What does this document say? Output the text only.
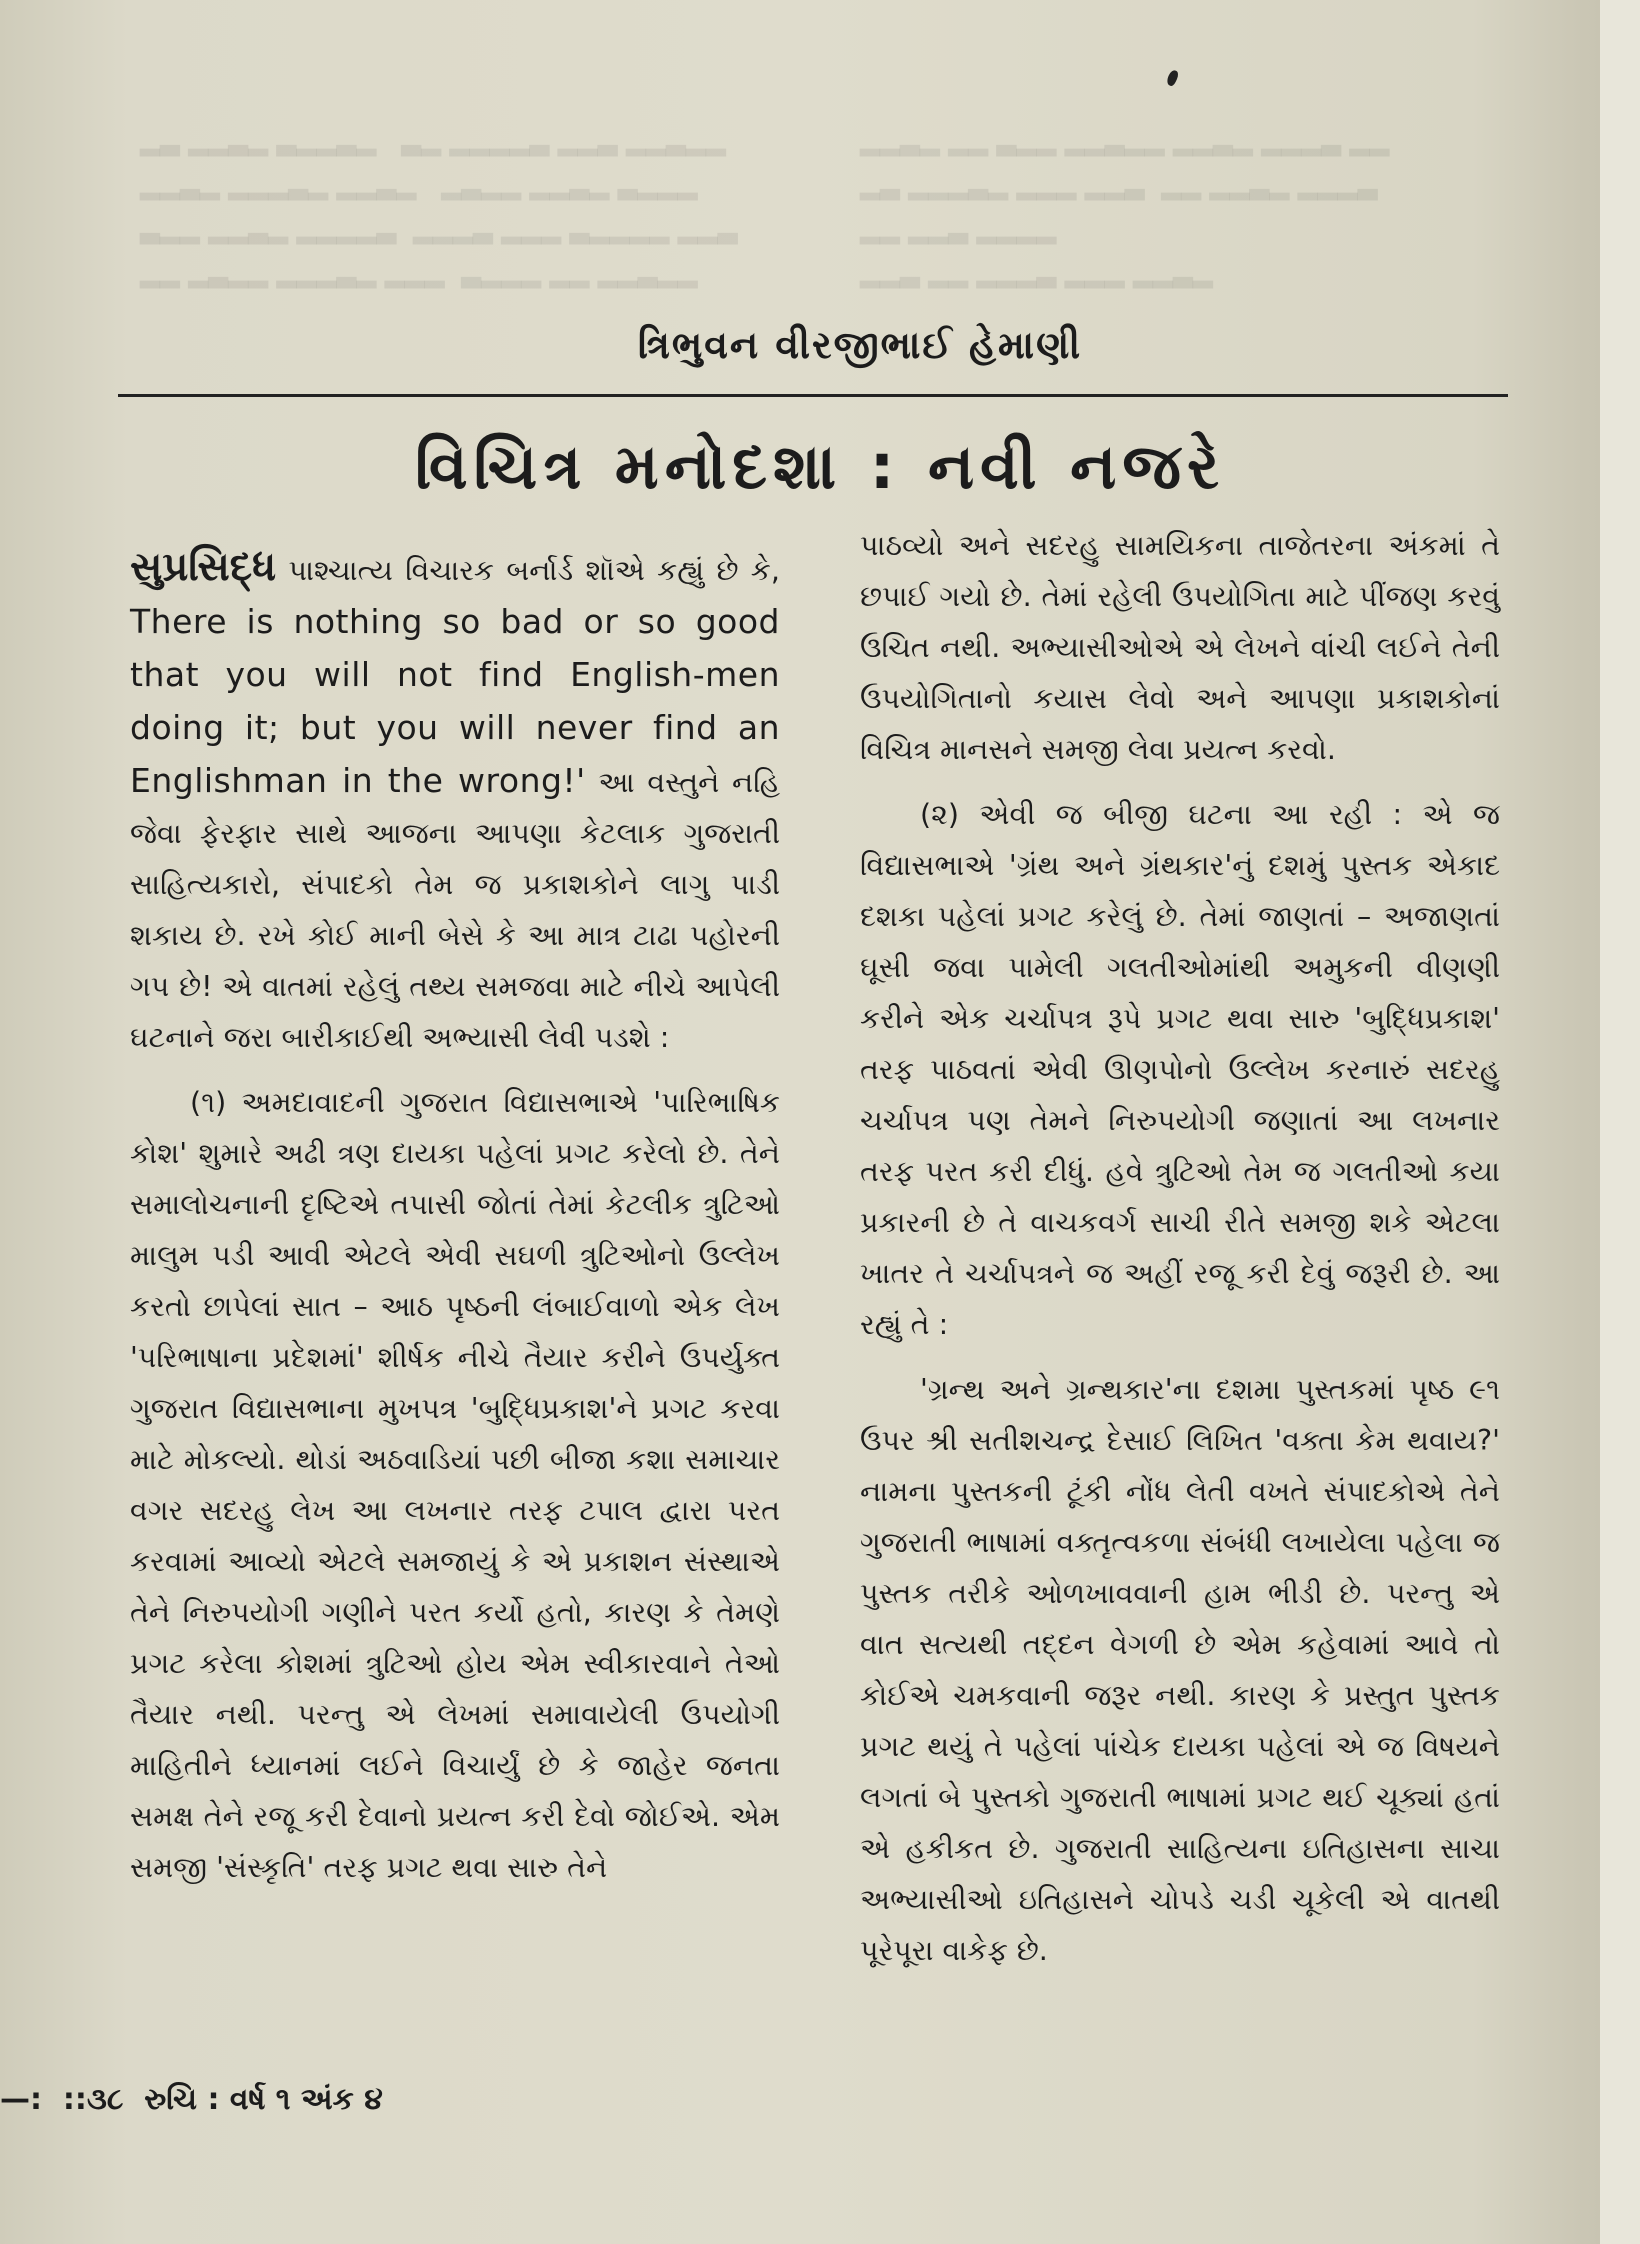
▂▃ ▂▂▃▂ ▃▂▂▃▂   ▃▂ ▂▂▂▂▃ ▂▂▃ ▂▂▃▂▂
▂▂▃▂ ▂▂▂▃▂ ▂▂▃▂   ▂▃▂▂ ▂▂▃▂ ▃▂▂▂
▃▂▂ ▂▂▃▂ ▂▂▂▂▃  ▂▂▂▃ ▂▂▂ ▃▂▂▂▂ ▂▂▃
▂▂ ▂▃▂▂ ▂▂▂▃▂ ▂▂▂  ▃▂▂▂ ▂▂ ▂▂▃▂▂
▂▂▃▂ ▂▂ ▃▂▂ ▂▂▃▂▂ ▂▂▃▂ ▂▂▂▃ ▂▂
▂▃ ▂▂▂▃▂ ▂▂▂ ▂▂▃  ▂▂ ▂▂▃▂ ▂▂▂▃
▂▂ ▂▂▃ ▂▂▂▂
▂▂▃ ▂▂ ▂▂▂▃ ▂▂▂ ▂▂▃▂
ત્રિભુવન વીરજીભાઈ હેમાણી
વિચિત્ર મનોદશા : નવી નજરે

સુપ્રસિદ્ધ પાશ્ચાત્ય વિચારક બર્નાર્ડ શૉએ કહ્યું છે કે, There is nothing so bad or so good that you will not find English-men doing it; but you will never find an Englishman in the wrong!' આ વસ્તુને નહિ જેવા ફેરફાર સાથે આજના આપણા કેટલાક ગુજરાતી સાહિત્યકારો, સંપાદકો તેમ જ પ્રકાશકોને લાગુ પાડી શકાય છે. રખે કોઈ માની બેસે કે આ માત્ર ટાઢા પહોરની ગપ છે! એ વાતમાં રહેલું તથ્ય સમજવા માટે નીચે આપેલી ઘટનાને જરા બારીકાઈથી અભ્યાસી લેવી પડશે :

(૧) અમદાવાદની ગુજરાત વિદ્યાસભાએ 'પારિભાષિક કોશ' શુમારે અઢી ત્રણ દાયકા પહેલાં પ્રગટ કરેલો છે. તેને સમાલોચનાની દૃષ્ટિએ તપાસી જોતાં તેમાં કેટલીક ત્રુટિઓ માલુમ પડી આવી એટલે એવી સઘળી ત્રુટિઓનો ઉલ્લેખ કરતો છાપેલાં સાત – આઠ પૃષ્ઠની લંબાઈવાળો એક લેખ 'પરિભાષાના પ્રદેશમાં' શીર્ષક નીચે તૈયાર કરીને ઉપર્યુક્ત ગુજરાત વિદ્યાસભાના મુખપત્ર 'બુદ્ધિપ્રકાશ'ને પ્રગટ કરવા માટે મોકલ્યો. થોડાં અઠવાડિયાં પછી બીજા કશા સમાચાર વગર સદરહુ લેખ આ લખનાર તરફ ટપાલ દ્વારા પરત કરવામાં આવ્યો એટલે સમજાયું કે એ પ્રકાશન સંસ્થાએ તેને નિરુપયોગી ગણીને પરત કર્યો હતો, કારણ કે તેમણે પ્રગટ કરેલા કોશમાં ત્રુટિઓ હોય એમ સ્વીકારવાને તેઓ તૈયાર નથી. પરન્તુ એ લેખમાં સમાવાયેલી ઉપયોગી માહિતીને ધ્યાનમાં લઈને વિચાર્યું છે કે જાહેર જનતા સમક્ષ તેને રજૂ કરી દેવાનો પ્રયત્ન કરી દેવો જોઈએ. એમ સમજી 'સંસ્કૃતિ' તરફ પ્રગટ થવા સારુ તેને

પાઠવ્યો અને સદરહુ સામયિકના તાજેતરના અંકમાં તે છપાઈ ગયો છે. તેમાં રહેલી ઉપયોગિતા માટે પીંજણ કરવું ઉચિત નથી. અભ્યાસીઓએ એ લેખને વાંચી લઈને તેની ઉપયોગિતાનો કયાસ લેવો અને આપણા પ્રકાશકોનાં વિચિત્ર માનસને સમજી લેવા પ્રયત્ન કરવો.

(૨) એવી જ બીજી ઘટના આ રહી : એ જ વિદ્યાસભાએ 'ગ્રંથ અને ગ્રંથકાર'નું દશમું પુસ્તક એકાદ દશકા પહેલાં પ્રગટ કરેલું છે. તેમાં જાણતાં – અજાણતાં ઘૂસી જવા પામેલી ગલતીઓમાંથી અમુકની વીણણી કરીને એક ચર્ચાપત્ર રૂપે પ્રગટ થવા સારુ 'બુદ્ધિપ્રકાશ' તરફ પાઠવતાં એવી ઊણપોનો ઉલ્લેખ કરનારું સદરહુ ચર્ચાપત્ર પણ તેમને નિરુપયોગી જણાતાં આ લખનાર તરફ પરત કરી દીધું. હવે ત્રુટિઓ તેમ જ ગલતીઓ કયા પ્રકારની છે તે વાચકવર્ગ સાચી રીતે સમજી શકે એટલા ખાતર તે ચર્ચાપત્રને જ અહીં રજૂ કરી દેવું જરૂરી છે. આ રહ્યું તે :

'ગ્રન્થ અને ગ્રન્થકાર'ના દશમા પુસ્તકમાં પૃષ્ઠ ૯૧ ઉપર શ્રી સતીશચન્દ્ર દેસાઈ લિખિત 'વક્તા કેમ થવાય?' નામના પુસ્તકની ટૂંકી નોંધ લેતી વખતે સંપાદકોએ તેને ગુજરાતી ભાષામાં વક્તૃત્વકળા સંબંધી લખાયેલા પહેલા જ પુસ્તક તરીકે ઓળખાવવાની હામ ભીડી છે. પરન્તુ એ વાત સત્યથી તદ્દન વેગળી છે એમ કહેવામાં આવે તો કોઈએ ચમકવાની જરૂર નથી. કારણ કે પ્રસ્તુત પુસ્તક પ્રગટ થયું તે પહેલાં પાંચેક દાયકા પહેલાં એ જ વિષયને લગતાં બે પુસ્તકો ગુજરાતી ભાષામાં પ્રગટ થઈ ચૂક્યાં હતાં એ હકીકત છે. ગુજરાતી સાહિત્યના ઇતિહાસના સાચા અભ્યાસીઓ ઇતિહાસને ચોપડે ચડી ચૂકેલી એ વાતથી પૂરેપૂરા વાકેફ છે.

—:  ::૩૮  રુચિ : વર્ષ ૧ અંક ૪
